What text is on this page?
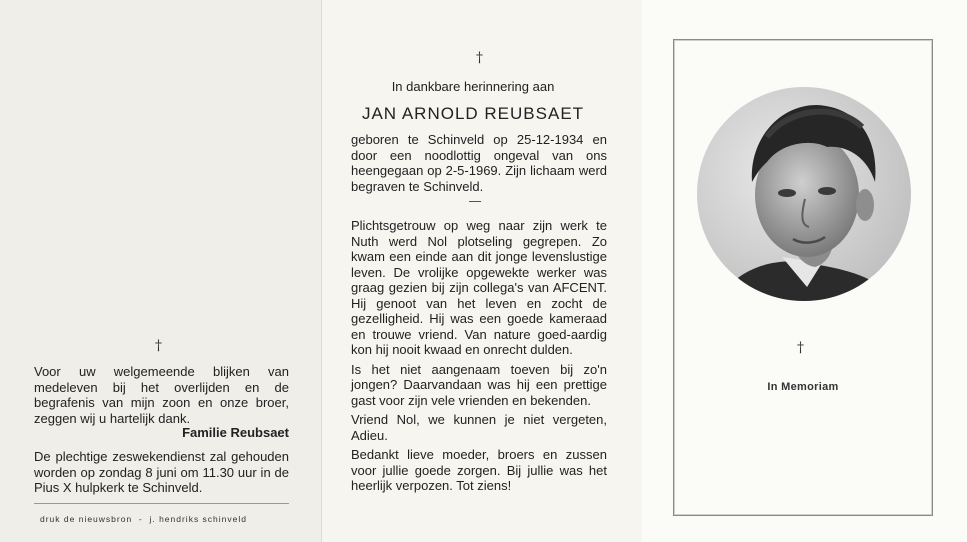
†

Voor uw welgemeende blijken van medeleven bij het overlijden en de begrafenis van mijn zoon en onze broer, zeggen wij u hartelijk dank.

Familie Reubsaet

De plechtige zeswekendienst zal gehouden worden op zondag 8 juni om 11.30 uur in de Pius X hulpkerk te Schinveld.

druk de nieuwsbron  -  j. hendriks schinveld
†
In dankbare herinnering aan
JAN ARNOLD REUBSAET

geboren te Schinveld op 25-12-1934 en door een noodlottig ongeval van ons heengegaan op 2-5-1969. Zijn lichaam werd begraven te Schinveld.

Plichtsgetrouw op weg naar zijn werk te Nuth werd Nol plotseling gegrepen. Zo kwam een einde aan dit jonge levenslustige leven. De vrolijke opgewekte werker was graag gezien bij zijn collega's van AFCENT. Hij genoot van het leven en zocht de gezelligheid. Hij was een goede kameraad en trouwe vriend. Van nature goed-aardig kon hij nooit kwaad en onrecht dulden.

Is het niet aangenaam toeven bij zo'n jongen? Daarvandaan was hij een prettige gast voor zijn vele vrienden en bekenden.

Vriend Nol, we kunnen je niet vergeten, Adieu.

Bedankt lieve moeder, broers en zussen voor jullie goede zorgen. Bij jullie was het heerlijk verpozen. Tot ziens!

†
In Memoriam
